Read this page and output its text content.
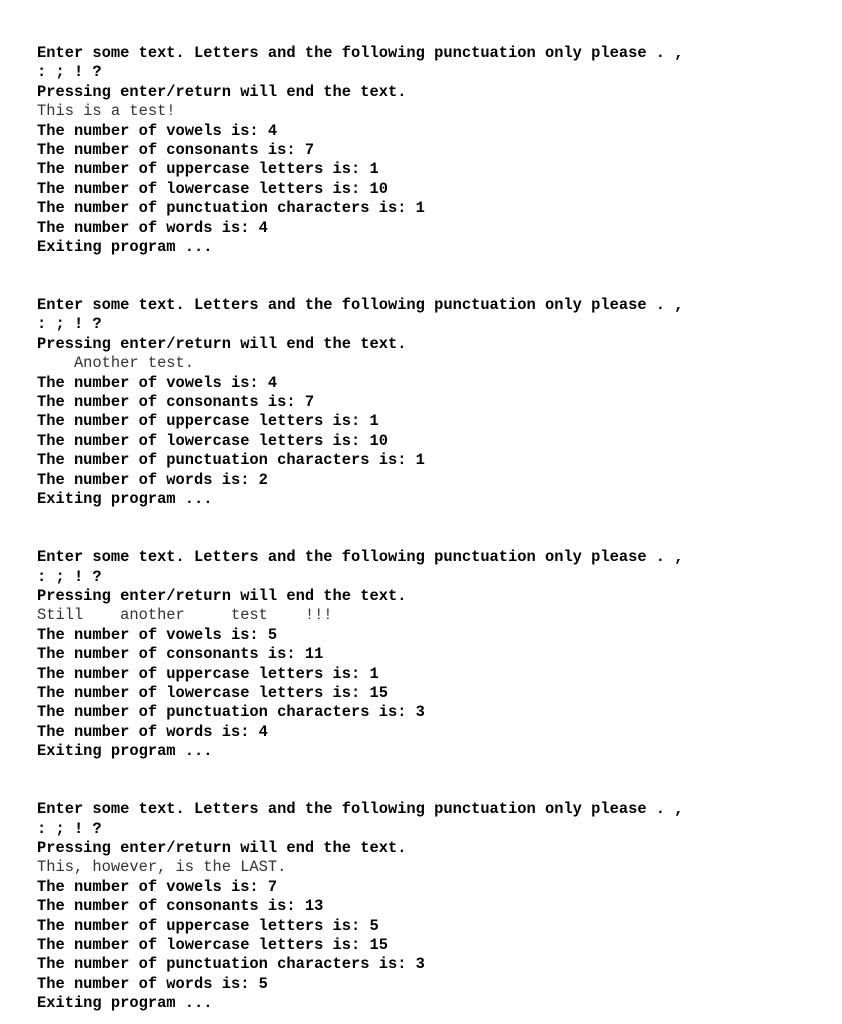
Enter some text. Letters and the following punctuation only please . ,
: ; ! ?
Pressing enter/return will end the text.
This is a test!
The number of vowels is: 4
The number of consonants is: 7
The number of uppercase letters is: 1
The number of lowercase letters is: 10
The number of punctuation characters is: 1
The number of words is: 4
Exiting program ...
Enter some text. Letters and the following punctuation only please . ,
: ; ! ?
Pressing enter/return will end the text.
Another test.
The number of vowels is: 4
The number of consonants is: 7
The number of uppercase letters is: 1
The number of lowercase letters is: 10
The number of punctuation characters is: 1
The number of words is: 2
Exiting program ...
Enter some text. Letters and the following punctuation only please . ,
: ; ! ?
Pressing enter/return will end the text.
Still    another     test    !!!
The number of vowels is: 5
The number of consonants is: 11
The number of uppercase letters is: 1
The number of lowercase letters is: 15
The number of punctuation characters is: 3
The number of words is: 4
Exiting program ...
Enter some text. Letters and the following punctuation only please . ,
: ; ! ?
Pressing enter/return will end the text.
This, however, is the LAST.
The number of vowels is: 7
The number of consonants is: 13
The number of uppercase letters is: 5
The number of lowercase letters is: 15
The number of punctuation characters is: 3
The number of words is: 5
Exiting program ...
